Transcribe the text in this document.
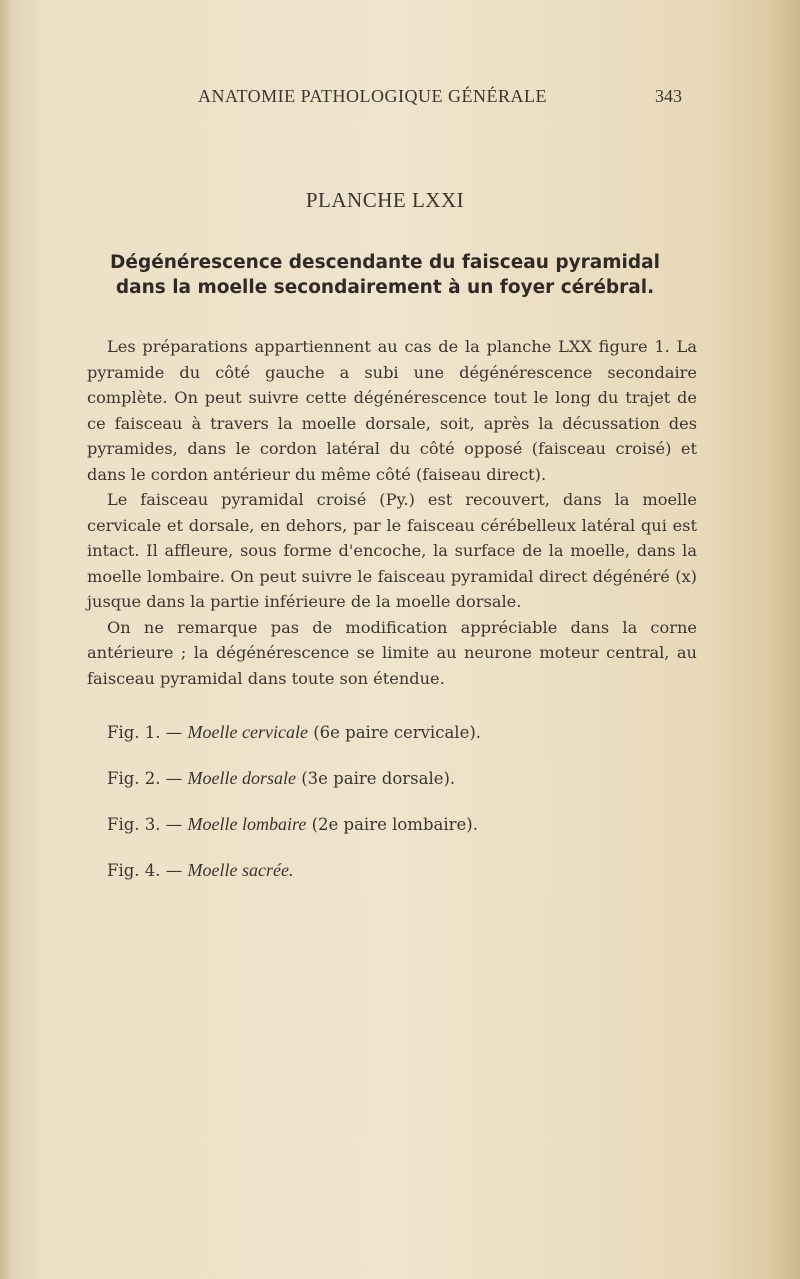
ANATOMIE PATHOLOGIQUE GÉNÉRALE	343
PLANCHE LXXI
Dégénérescence descendante du faisceau pyramidal
dans la moelle secondairement à un foyer cérébral.

Les préparations appartiennent au cas de la planche LXX figure 1. La pyramide du côté gauche a subi une dégénérescence secondaire complète. On peut suivre cette dégénérescence tout le long du trajet de ce faisceau à travers la moelle dorsale, soit, après la décussation des pyramides, dans le cordon latéral du côté opposé (faisceau croisé) et dans le cordon antérieur du même côté (faiseau direct).

Le faisceau pyramidal croisé (Py.) est recouvert, dans la moelle cervicale et dorsale, en dehors, par le faisceau cérébelleux latéral qui est intact. Il affleure, sous forme d'encoche, la surface de la moelle, dans la moelle lombaire. On peut suivre le faisceau pyramidal direct dégénéré (x) jusque dans la partie inférieure de la moelle dorsale.

On ne remarque pas de modification appréciable dans la corne antérieure ; la dégénérescence se limite au neurone moteur central, au faisceau pyramidal dans toute son étendue.

Fig. 1. — Moelle cervicale (6e paire cervicale).
Fig. 2. — Moelle dorsale (3e paire dorsale).
Fig. 3. — Moelle lombaire (2e paire lombaire).
Fig. 4. — Moelle sacrée.
